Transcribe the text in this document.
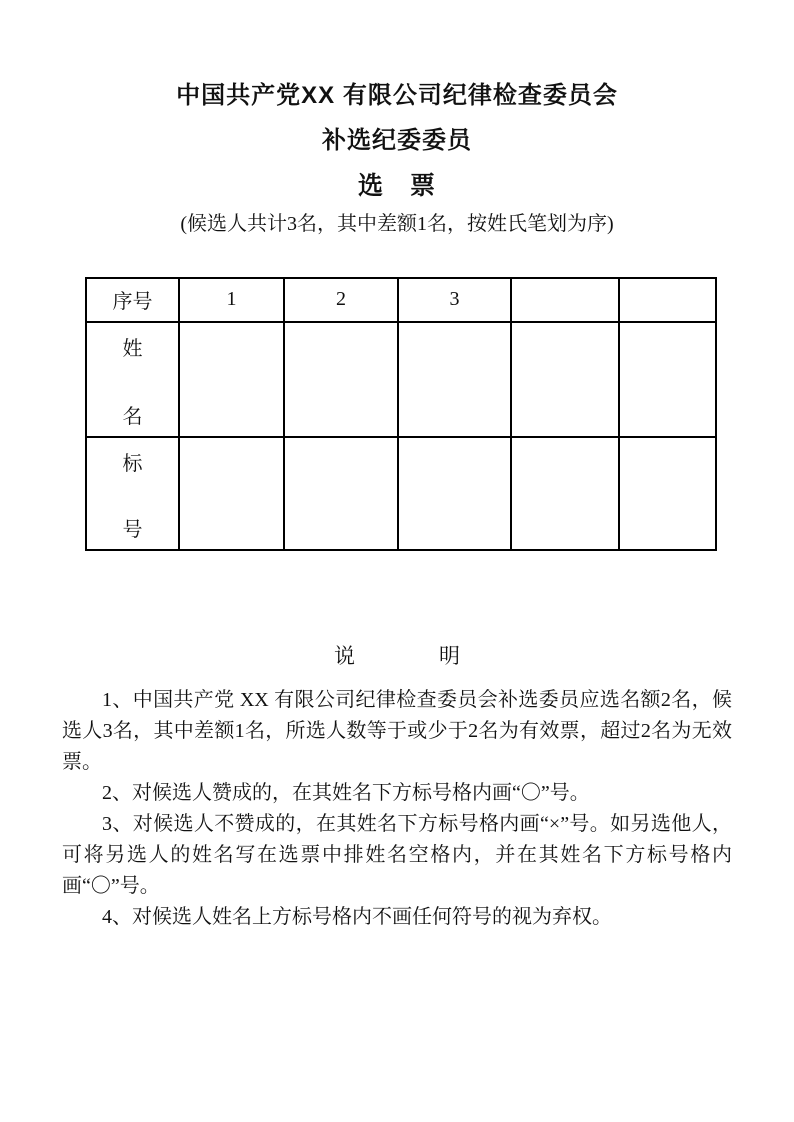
中国共产党XX 有限公司纪律检查委员会
补选纪委委员
选　票
(候选人共计3名，其中差额1名，按姓氏笔划为序)
序号	1	2	3		

姓
名					

标
号					

说　　　　明

1、中国共产党 XX 有限公司纪律检查委员会补选委员应选名额2名，候选人3名，其中差额1名，所选人数等于或少于2名为有效票，超过2名为无效票。

2、对候选人赞成的，在其姓名下方标号格内画“〇”号。

3、对候选人不赞成的，在其姓名下方标号格内画“×”号。如另选他人，可将另选人的姓名写在选票中排姓名空格内，并在其姓名下方标号格内画“〇”号。

4、对候选人姓名上方标号格内不画任何符号的视为弃权。
